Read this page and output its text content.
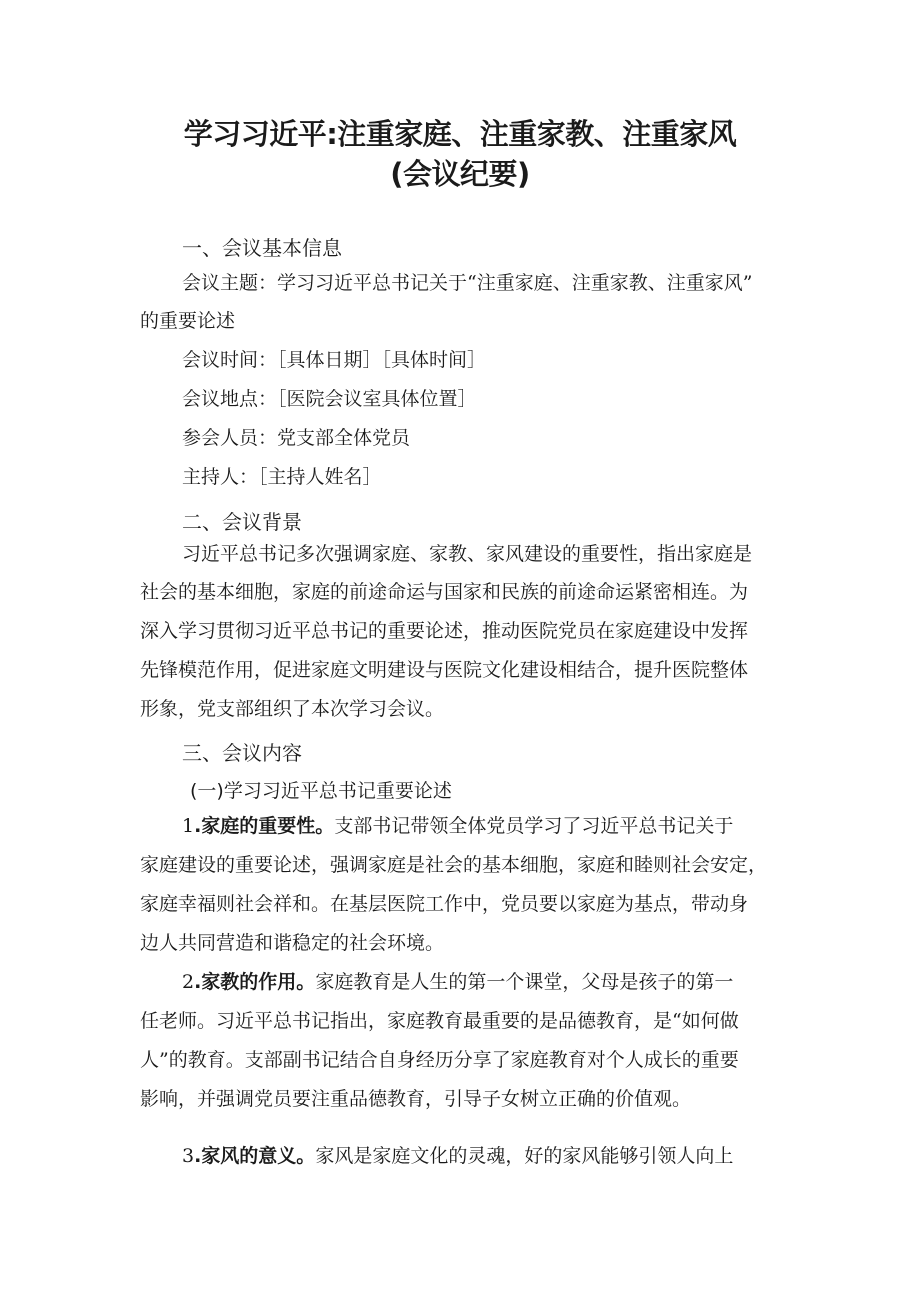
学习习近平:注重家庭、注重家教、注重家风
(会议纪要)
一、会议基本信息

会议主题：学习习近平总书记关于“注重家庭、注重家教、注重家风”

的重要论述

会议时间：［具体日期］［具体时间］

会议地点：［医院会议室具体位置］

参会人员：党支部全体党员

主持人：［主持人姓名］

二、会议背景

习近平总书记多次强调家庭、家教、家风建设的重要性，指出家庭是

社会的基本细胞，家庭的前途命运与国家和民族的前途命运紧密相连。为

深入学习贯彻习近平总书记的重要论述，推动医院党员在家庭建设中发挥

先锋模范作用，促进家庭文明建设与医院文化建设相结合，提升医院整体

形象，党支部组织了本次学习会议。

三、会议内容
(一)学习习近平总书记重要论述

1.家庭的重要性。支部书记带领全体党员学习了习近平总书记关于

家庭建设的重要论述，强调家庭是社会的基本细胞，家庭和睦则社会安定，

家庭幸福则社会祥和。在基层医院工作中，党员要以家庭为基点，带动身

边人共同营造和谐稳定的社会环境。

2.家教的作用。家庭教育是人生的第一个课堂，父母是孩子的第一

任老师。习近平总书记指出，家庭教育最重要的是品德教育，是“如何做

人”的教育。支部副书记结合自身经历分享了家庭教育对个人成长的重要

影响，并强调党员要注重品德教育，引导子女树立正确的价值观。

3.家风的意义。家风是家庭文化的灵魂，好的家风能够引领人向上
